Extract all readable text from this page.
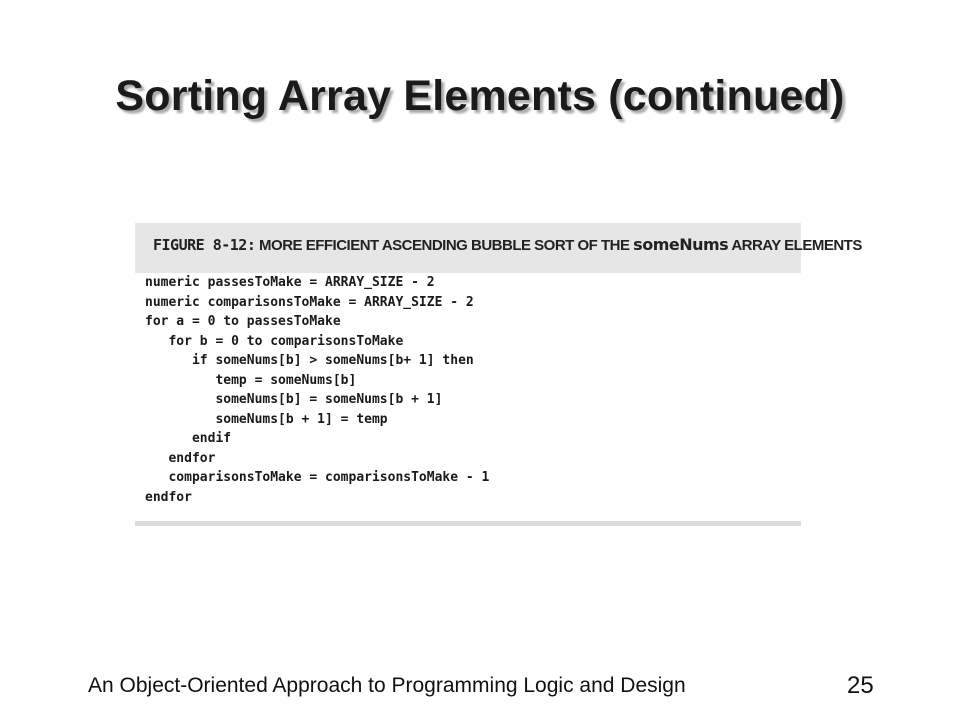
Sorting Array Elements (continued)
FIGURE 8-12: MORE EFFICIENT ASCENDING BUBBLE SORT OF THE someNums ARRAY ELEMENTS
numeric passesToMake = ARRAY_SIZE - 2
numeric comparisonsToMake = ARRAY_SIZE - 2
for a = 0 to passesToMake
for b = 0 to comparisonsToMake
if someNums[b] > someNums[b+ 1] then
temp = someNums[b]
someNums[b] = someNums[b + 1]
someNums[b + 1] = temp
endif
endfor
comparisonsToMake = comparisonsToMake - 1
endfor
An Object-Oriented Approach to Programming Logic and Design	25
